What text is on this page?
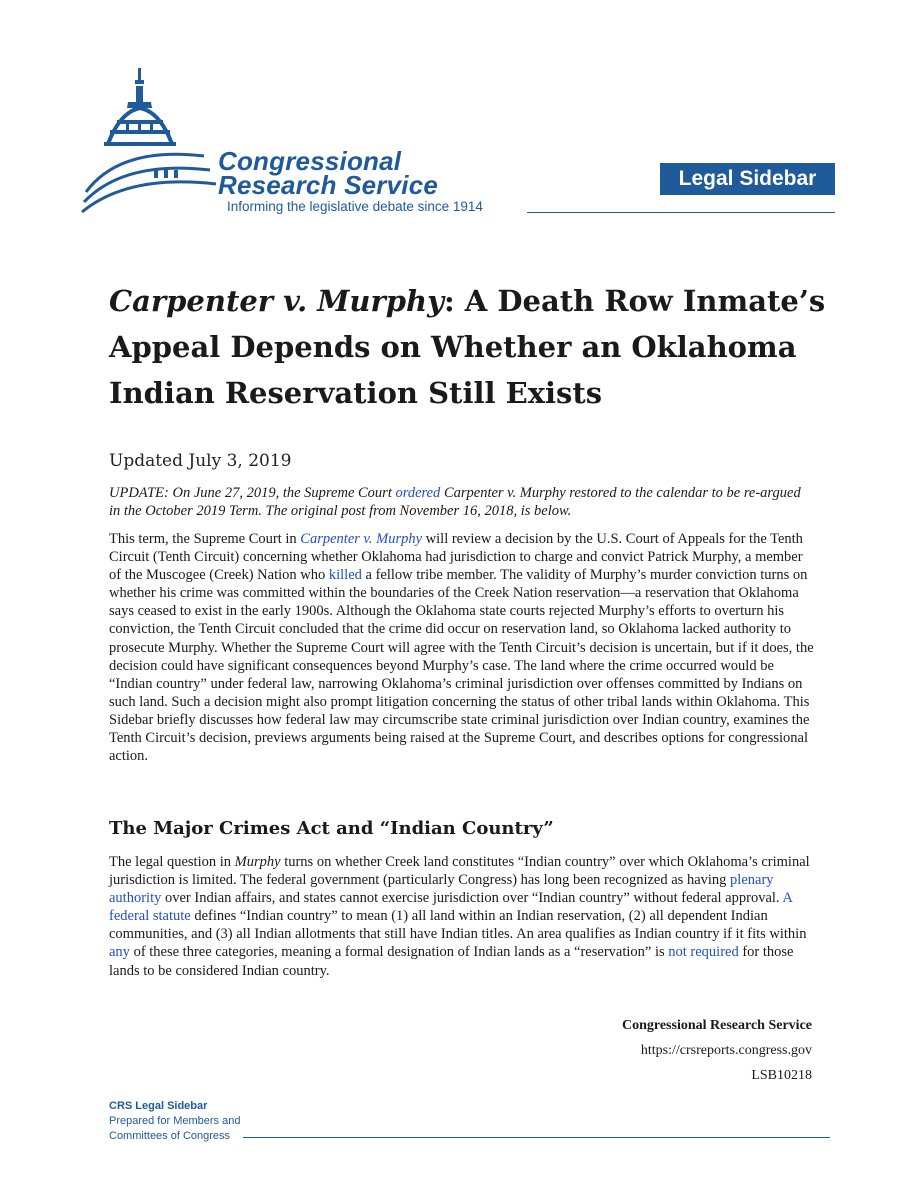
Congressional
Research Service
Informing the legislative debate since 1914
Legal Sidebar
Carpenter v. Murphy: A Death Row Inmate’s Appeal Depends on Whether an Oklahoma Indian Reservation Still Exists
Updated July 3, 2019
UPDATE: On June 27, 2019, the Supreme Court ordered Carpenter v. Murphy restored to the calendar to be re-argued in the October 2019 Term. The original post from November 16, 2018, is below.
This term, the Supreme Court in Carpenter v. Murphy will review a decision by the U.S. Court of Appeals for the Tenth Circuit (Tenth Circuit) concerning whether Oklahoma had jurisdiction to charge and convict Patrick Murphy, a member of the Muscogee (Creek) Nation who killed a fellow tribe member. The validity of Murphy’s murder conviction turns on whether his crime was committed within the boundaries of the Creek Nation reservation—a reservation that Oklahoma says ceased to exist in the early 1900s. Although the Oklahoma state courts rejected Murphy’s efforts to overturn his conviction, the Tenth Circuit concluded that the crime did occur on reservation land, so Oklahoma lacked authority to prosecute Murphy. Whether the Supreme Court will agree with the Tenth Circuit’s decision is uncertain, but if it does, the decision could have significant consequences beyond Murphy’s case. The land where the crime occurred would be “Indian country” under federal law, narrowing Oklahoma’s criminal jurisdiction over offenses committed by Indians on such land. Such a decision might also prompt litigation concerning the status of other tribal lands within Oklahoma. This Sidebar briefly discusses how federal law may circumscribe state criminal jurisdiction over Indian country, examines the Tenth Circuit’s decision, previews arguments being raised at the Supreme Court, and describes options for congressional action.
The Major Crimes Act and “Indian Country”
The legal question in Murphy turns on whether Creek land constitutes “Indian country” over which Oklahoma’s criminal jurisdiction is limited. The federal government (particularly Congress) has long been recognized as having plenary authority over Indian affairs, and states cannot exercise jurisdiction over “Indian country” without federal approval. A federal statute defines “Indian country” to mean (1) all land within an Indian reservation, (2) all dependent Indian communities, and (3) all Indian allotments that still have Indian titles. An area qualifies as Indian country if it fits within any of these three categories, meaning a formal designation of Indian lands as a “reservation” is not required for those lands to be considered Indian country.
Congressional Research Service
https://crsreports.congress.gov
LSB10218
CRS Legal Sidebar
Prepared for Members and
Committees of Congress
